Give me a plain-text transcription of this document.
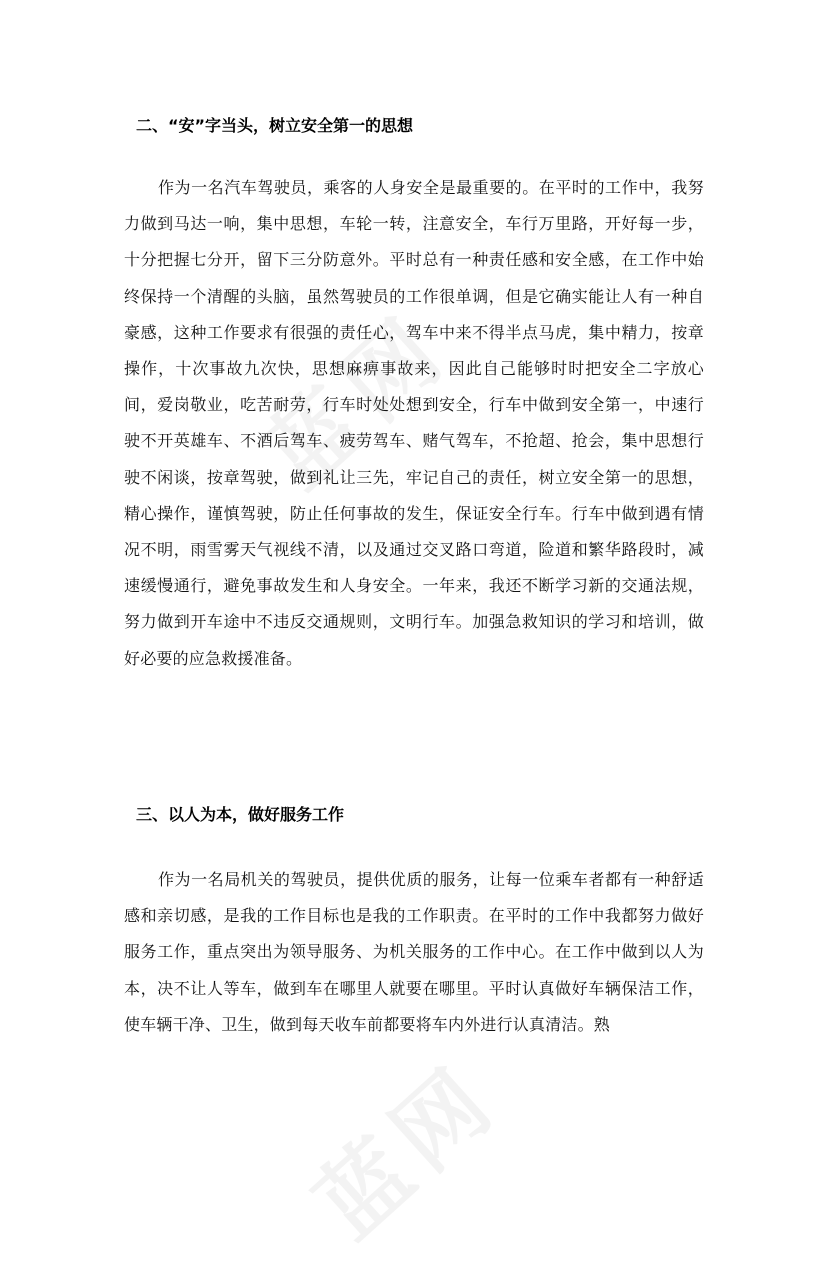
二、“安”字当头，树立安全第一的思想

作为一名汽车驾驶员，乘客的人身安全是最重要的。在平时的工作中，我努力做到马达一响，集中思想，车轮一转，注意安全，车行万里路，开好每一步，十分把握七分开，留下三分防意外。平时总有一种责任感和安全感，在工作中始终保持一个清醒的头脑，虽然驾驶员的工作很单调，但是它确实能让人有一种自豪感，这种工作要求有很强的责任心，驾车中来不得半点马虎，集中精力，按章操作，十次事故九次快，思想麻痹事故来，因此自己能够时时把安全二字放心间，爱岗敬业，吃苦耐劳，行车时处处想到安全，行车中做到安全第一，中速行驶不开英雄车、不酒后驾车、疲劳驾车、赌气驾车，不抢超、抢会，集中思想行驶不闲谈，按章驾驶，做到礼让三先，牢记自己的责任，树立安全第一的思想，精心操作，谨慎驾驶，防止任何事故的发生，保证安全行车。行车中做到遇有情况不明，雨雪雾天气视线不清，以及通过交叉路口弯道，险道和繁华路段时，减速缓慢通行，避免事故发生和人身安全。一年来，我还不断学习新的交通法规，努力做到开车途中不违反交通规则，文明行车。加强急救知识的学习和培训，做好必要的应急救援准备。

三、以人为本，做好服务工作

作为一名局机关的驾驶员，提供优质的服务，让每一位乘车者都有一种舒适感和亲切感，是我的工作目标也是我的工作职责。在平时的工作中我都努力做好服务工作，重点突出为领导服务、为机关服务的工作中心。在工作中做到以人为本，决不让人等车，做到车在哪里人就要在哪里。平时认真做好车辆保洁工作，使车辆干净、卫生，做到每天收车前都要将车内外进行认真清洁。熟
